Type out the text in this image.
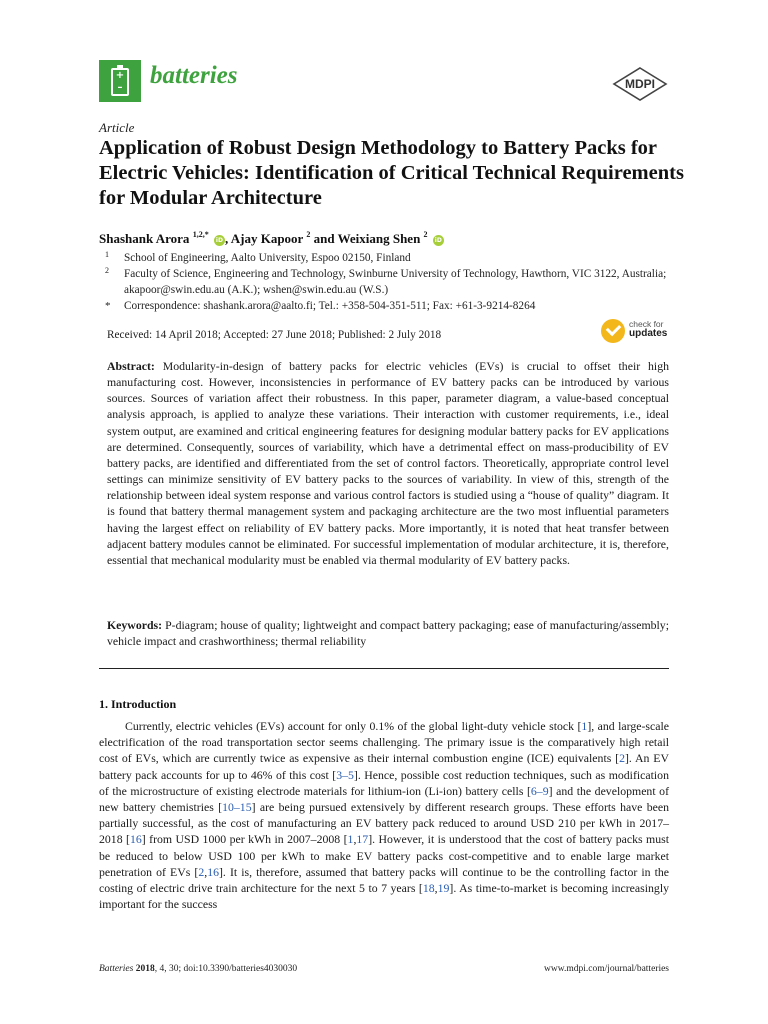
+
– batteries	MDPI
Article
Application of Robust Design Methodology to Battery Packs for Electric Vehicles: Identification of Critical Technical Requirements for Modular Architecture
Shashank Arora $^{1,2,*}$ iD , Ajay Kapoor $^2$ and Weixiang Shen $^2$ iD
1 School of Engineering, Aalto University, Espoo 02150, Finland
2 Faculty of Science, Engineering and Technology, Swinburne University of Technology, Hawthorn, VIC 3122, Australia; akapoor@swin.edu.au (A.K.); wshen@swin.edu.au (W.S.)
* Correspondence: shashank.arora@aalto.fi; Tel.: +358-504-351-511; Fax: +61-3-9214-8264
Received: 14 April 2018; Accepted: 27 June 2018; Published: 2 July 2018
check for
updates
Abstract: Modularity-in-design of battery packs for electric vehicles (EVs) is crucial to offset their high manufacturing cost. However, inconsistencies in performance of EV battery packs can be introduced by various sources. Sources of variation affect their robustness. In this paper, parameter diagram, a value-based conceptual analysis approach, is applied to analyze these variations. Their interaction with customer requirements, i.e., ideal system output, are examined and critical engineering features for designing modular battery packs for EV applications are determined. Consequently, sources of variability, which have a detrimental effect on mass-producibility of EV battery packs, are identified and differentiated from the set of control factors. Theoretically, appropriate control level settings can minimize sensitivity of EV battery packs to the sources of variability. In view of this, strength of the relationship between ideal system response and various control factors is studied using a “house of quality” diagram. It is found that battery thermal management system and packaging architecture are the two most influential parameters having the largest effect on reliability of EV battery packs. More importantly, it is noted that heat transfer between adjacent battery modules cannot be eliminated. For successful implementation of modular architecture, it is, therefore, essential that mechanical modularity must be enabled via thermal modularity of EV battery packs.
Keywords: P-diagram; house of quality; lightweight and compact battery packaging; ease of manufacturing/assembly; vehicle impact and crashworthiness; thermal reliability
1. Introduction
Currently, electric vehicles (EVs) account for only 0.1% of the global light-duty vehicle stock [1], and large-scale electrification of the road transportation sector seems challenging. The primary issue is the comparatively high retail cost of EVs, which are currently twice as expensive as their internal combustion engine (ICE) equivalents [2]. An EV battery pack accounts for up to 46% of this cost [3–5]. Hence, possible cost reduction techniques, such as modification of the microstructure of existing electrode materials for lithium-ion (Li-ion) battery cells [6–9] and the development of new battery chemistries [10–15] are being pursued extensively by different research groups. These efforts have been partially successful, as the cost of manufacturing an EV battery pack reduced to around USD 210 per kWh in 2017–2018 [16] from USD 1000 per kWh in 2007–2008 [1,17]. However, it is understood that the cost of battery packs must be reduced to below USD 100 per kWh to make EV battery packs cost-competitive and to enable large market penetration of EVs [2,16]. It is, therefore, assumed that battery packs will continue to be the controlling factor in the costing of electric drive train architecture for the next 5 to 7 years [18,19]. As time-to-market is becoming increasingly important for the success
Batteries 2018, 4, 30; doi:10.3390/batteries4030030	www.mdpi.com/journal/batteries
